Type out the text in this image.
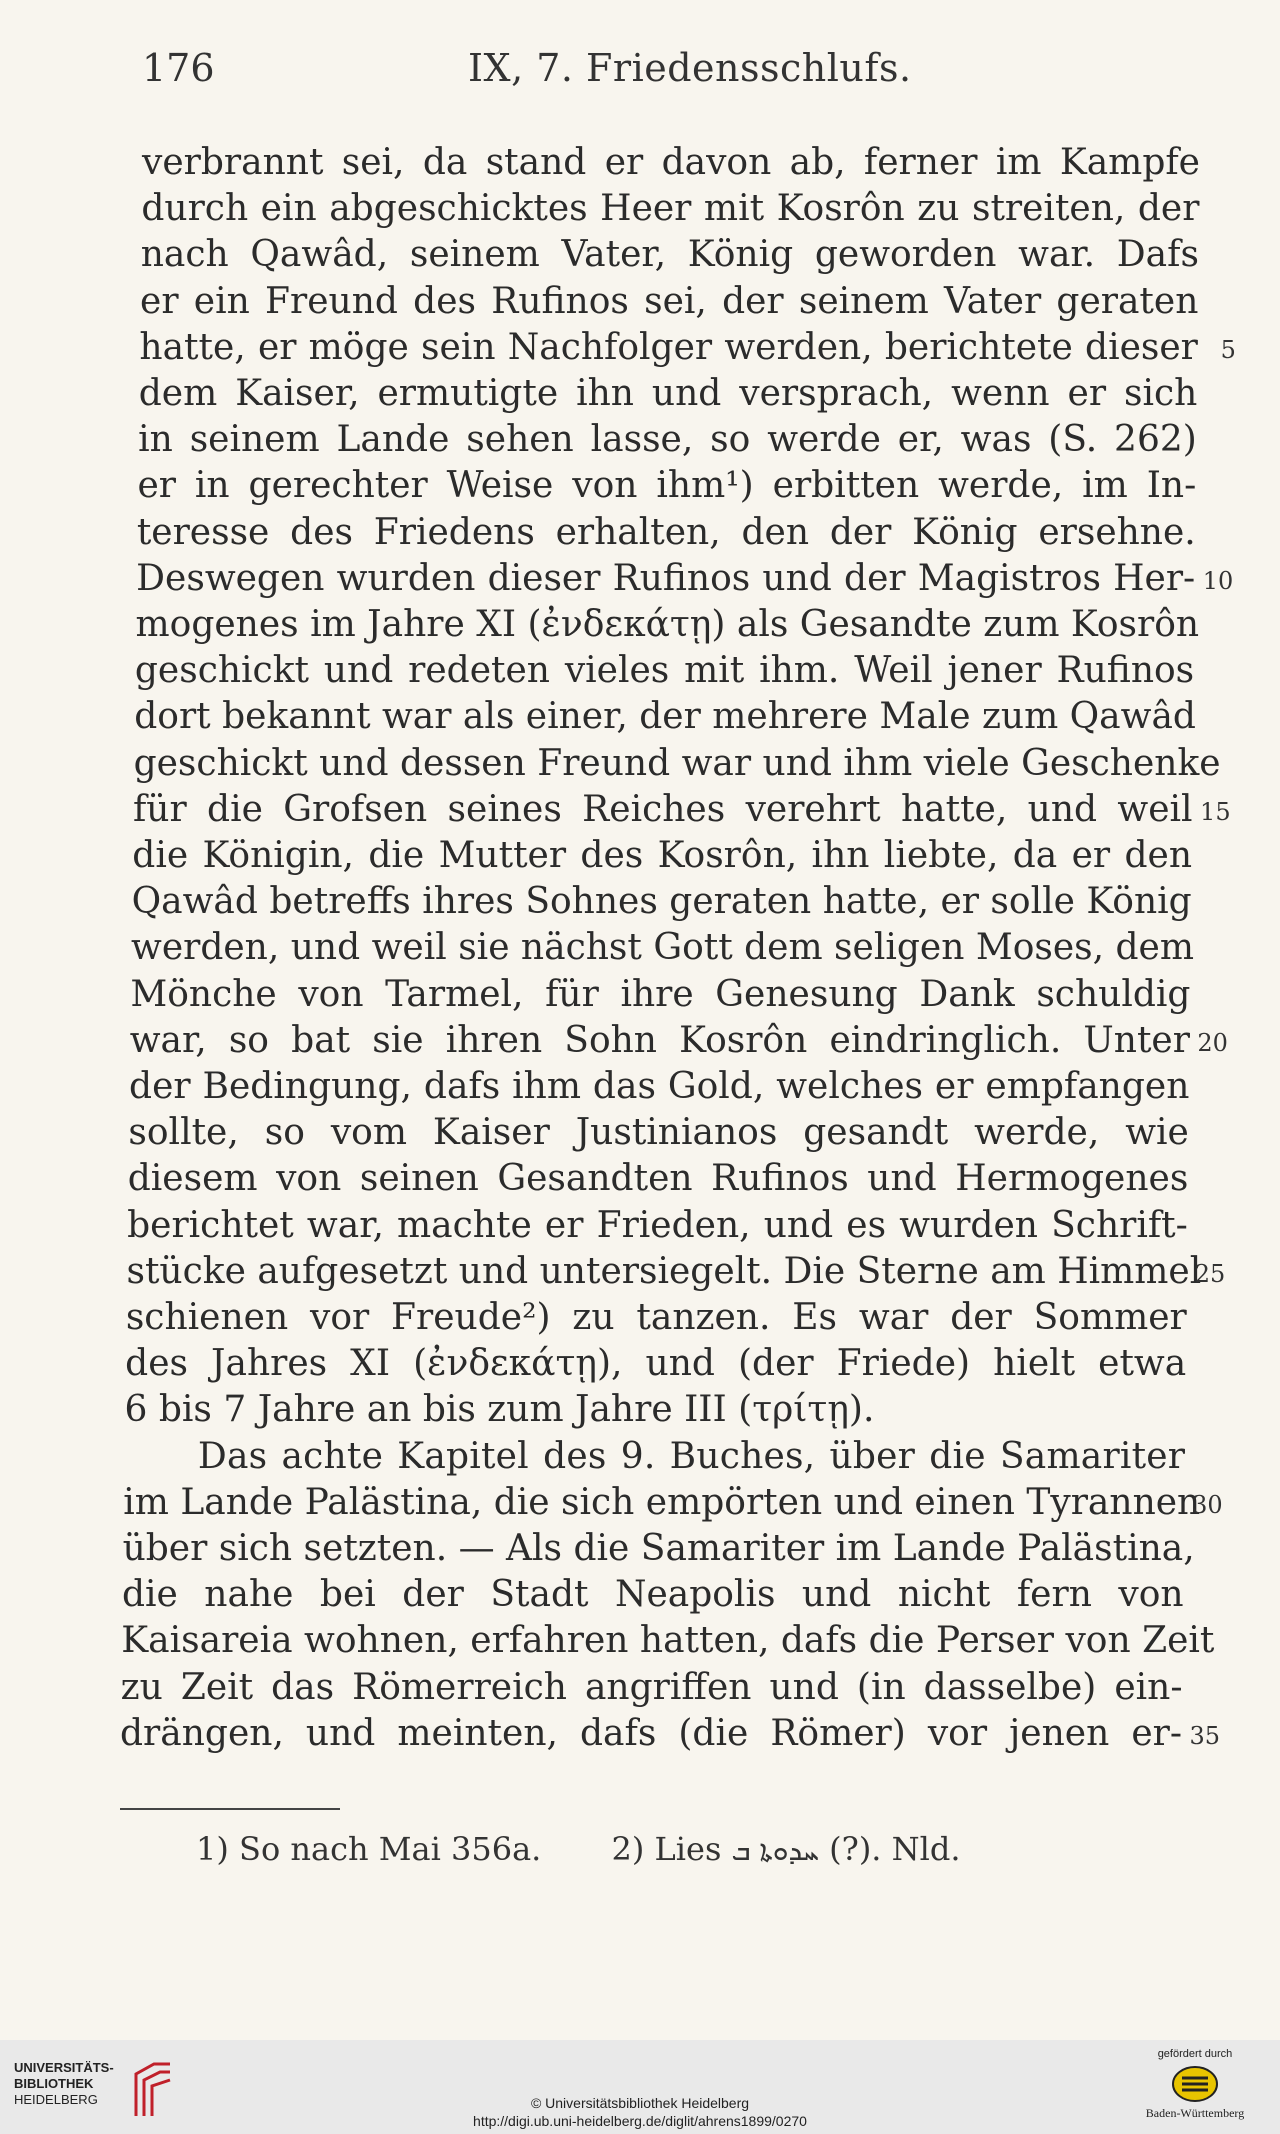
176	IX, 7. Friedensschlufs.
verbrannt sei, da stand er davon ab, ferner im Kampfe
durch ein abgeschicktes Heer mit Kosrôn zu streiten, der
nach Qawâd, seinem Vater, König geworden war. Dafs
er ein Freund des Rufinos sei, der seinem Vater geraten
hatte, er möge sein Nachfolger werden, berichtete dieser 5
dem Kaiser, ermutigte ihn und versprach, wenn er sich
in seinem Lande sehen lasse, so werde er, was (S. 262)
er in gerechter Weise von ihm¹) erbitten werde, im In-
teresse des Friedens erhalten, den der König ersehne.
Deswegen wurden dieser Rufinos und der Magistros Her- 10
mogenes im Jahre XI (ἐνδεκάτῃ) als Gesandte zum Kosrôn
geschickt und redeten vieles mit ihm. Weil jener Rufinos
dort bekannt war als einer, der mehrere Male zum Qawâd
geschickt und dessen Freund war und ihm viele Geschenke
für die Grofsen seines Reiches verehrt hatte, und weil 15
die Königin, die Mutter des Kosrôn, ihn liebte, da er den
Qawâd betreffs ihres Sohnes geraten hatte, er solle König
werden, und weil sie nächst Gott dem seligen Moses, dem
Mönche von Tarmel, für ihre Genesung Dank schuldig
war, so bat sie ihren Sohn Kosrôn eindringlich. Unter 20
der Bedingung, dafs ihm das Gold, welches er empfangen
sollte, so vom Kaiser Justinianos gesandt werde, wie
diesem von seinen Gesandten Rufinos und Hermogenes
berichtet war, machte er Frieden, und es wurden Schrift-
stücke aufgesetzt und untersiegelt. Die Sterne am Himmel
25
schienen vor Freude²) zu tanzen. Es war der Sommer
des Jahres XI (ἐνδεκάτῃ), und (der Friede) hielt etwa
6 bis 7 Jahre an bis zum Jahre III (τρίτῃ).
Das achte Kapitel des 9. Buches, über die Samariter
im Lande Palästina, die sich empörten und einen Tyrannen
30
über sich setzten. — Als die Samariter im Lande Palästina,
die nahe bei der Stadt Neapolis und nicht fern von
Kaisareia wohnen, erfahren hatten, dafs die Perser von Zeit
zu Zeit das Römerreich angriffen und (in dasselbe) ein-
drängen, und meinten, dafs (die Römer) vor jenen er- 35
1) So nach Mai 356a. 2) Lies ܚܕܘܬܐ ܒ (?). Nld.
UNIVERSITÄTS-
BIBLIOTHEK
HEIDELBERG	© Universitätsbibliothek Heidelberg
http://digi.ub.uni-heidelberg.de/diglit/ahrens1899/0270
gefördert durch
Baden-Württemberg
